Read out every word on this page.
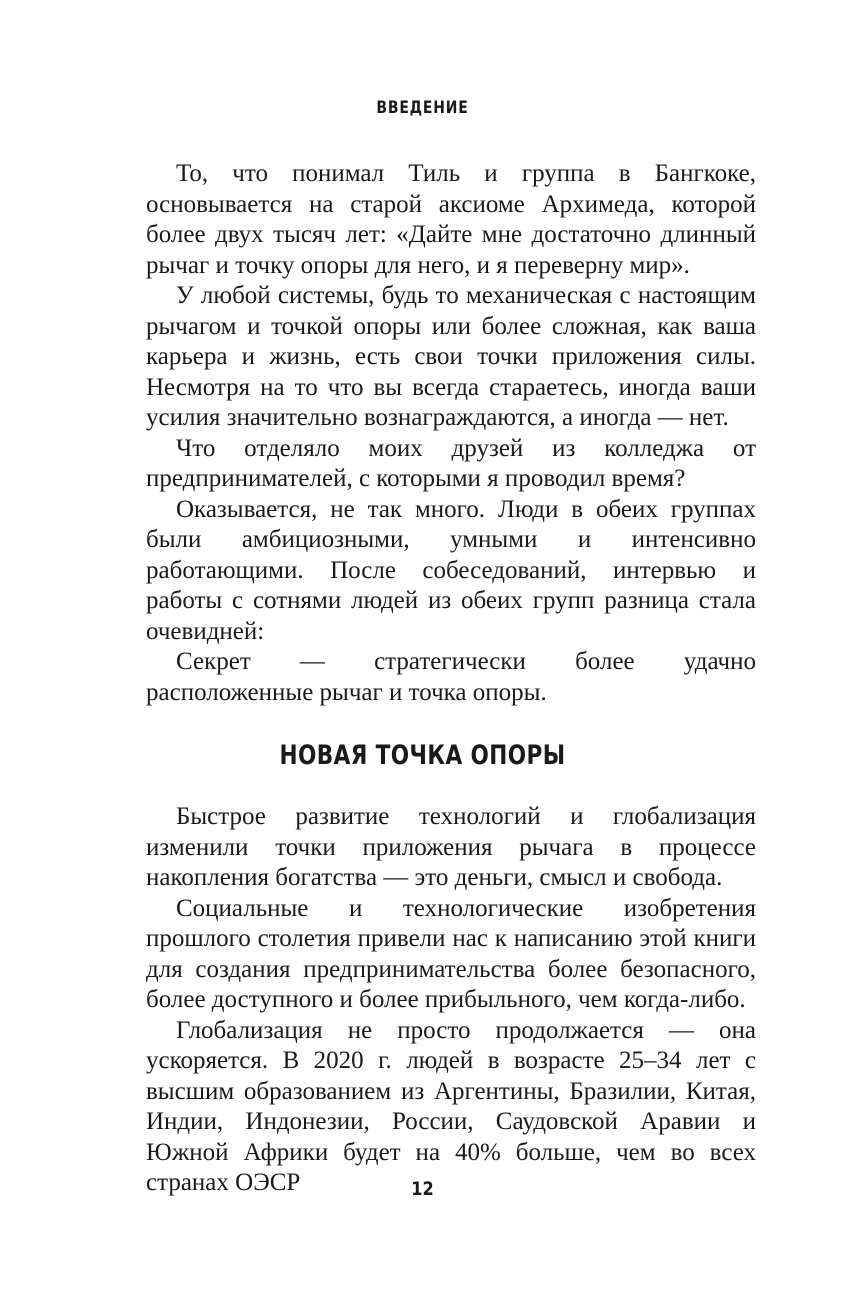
ВВЕДЕНИЕ

То, что понимал Тиль и группа в Бангкоке, основывается на старой аксиоме Архимеда, которой более двух тысяч лет: «Дайте мне достаточно длинный рычаг и точку опоры для него, и я переверну мир».

У любой системы, будь то механическая с настоящим рычагом и точкой опоры или более сложная, как ваша карьера и жизнь, есть свои точки приложения силы. Несмотря на то что вы всегда стараетесь, иногда ваши усилия значительно вознаграждаются, а иногда — нет.

Что отделяло моих друзей из колледжа от предпринимателей, с которыми я проводил время?

Оказывается, не так много. Люди в обеих группах были амбициозными, умными и интенсивно работающими. После собеседований, интервью и работы с сотнями людей из обеих групп разница стала очевидней:

Секрет — стратегически более удачно расположенные рычаг и точка опоры.

НОВАЯ ТОЧКА ОПОРЫ

Быстрое развитие технологий и глобализация изменили точки приложения рычага в процессе накопления богатства — это деньги, смысл и свобода.

Социальные и технологические изобретения прошлого столетия привели нас к написанию этой книги для создания предпринимательства более безопасного, более доступного и более прибыльного, чем когда-либо.

Глобализация не просто продолжается — она ускоряется. В 2020 г. людей в возрасте 25–34 лет с высшим образованием из Аргентины, Бразилии, Китая, Индии, Индонезии, России, Саудовской Аравии и Южной Африки будет на 40% больше, чем во всех странах ОЭСР	12
